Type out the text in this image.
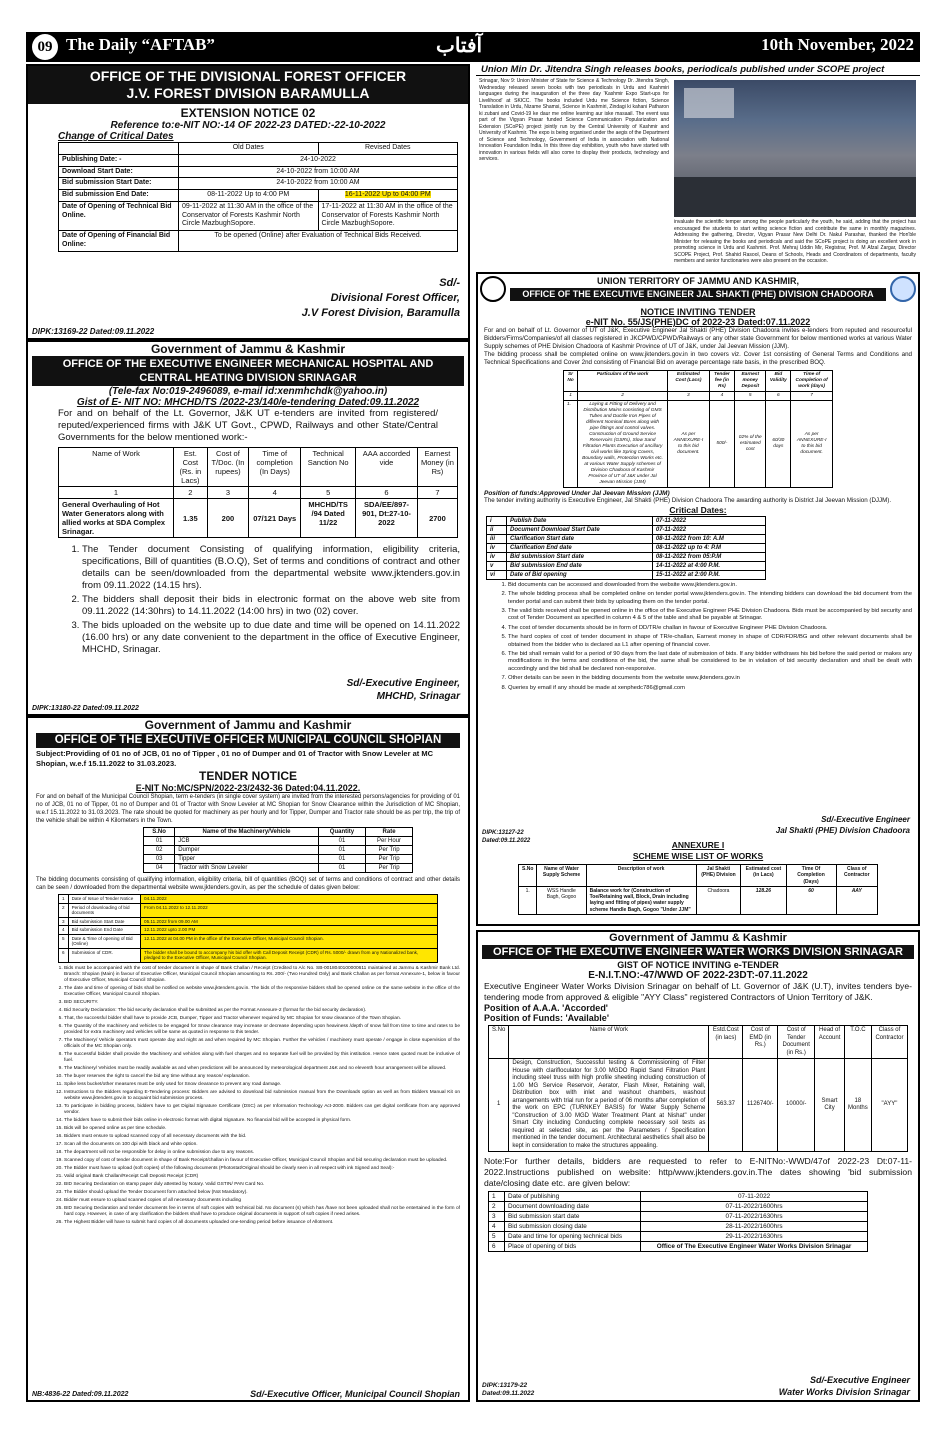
09 The Daily “AFTAB”	آفتاب	10th November, 2022
OFFICE OF THE DIVISIONAL FOREST OFFICER
J.V. FOREST DIVISION BARAMULLA
EXTENSION NOTICE 02
Reference to:e-NIT NO:-14 OF 2022-23 DATED:-22-10-2022
Change of Critical Dates
	Old Dates	Revised Dates
Publishing Date: -	24-10-2022	
Download Start Date:	24-10-2022 from 10:00 AM	
Bid submission Start Date:	24-10-2022 from 10:00 AM	
Bid submission End Date:	08-11-2022 Up to 4:00 PM	16-11-2022 Up to 04:00 PM
Date of Opening of Technical Bid Online.	09-11-2022 at 11:30 AM in the office of the Conservator of Forests Kashmir North Circle MazbughSopore.	17-11-2022 at 11:30 AM in the office of the Conservator of Forests Kashmir North Circle MazbughSopore.
Date of Opening of Financial Bid Online:	To be opened (Online) after Evaluation of Technical Bids Received.	
Sd/-
Divisional Forest Officer,
J.V Forest Division, Baramulla
DIPK:13169-22 Dated:09.11.2022
Union Min Dr. Jitendra Singh releases books, periodicals published under SCOPE project
Srinagar, Nov 9: Union Minister of State for Science & Technology Dr. Jitendra Singh, Wednesday released seven books with two periodicals in Urdu and Kashmiri languages during the inauguration of the three day 'Kashmir Expo Start-ups for Livelihood' at SKICC. The books included Urdu me Science fiction, Science Translation in Urdu, Nizame Shamsi, Science in Kashmiri, Zindagi ki kahani Patharon ki zubani and Covid-19 ke daur me online learning aur iske masaail. The event was part of the Vigyan Prasar funded Science Communication Popularization and Extension (SCoPE) project jointly run by the Central University of Kashmir and University of Kashmir. The expo is being organised under the aegis of the Department of Science and Technology, Government of India in association with National Innovation Foundation India. In this three day exhibition, youth who have started with innovation in various fields will also come to display their products, technology and services.
invaluate the scientific temper among the people particularly the youth, he said, adding that the project has encouraged the students to start writing science fiction and contribute the same in monthly magazines. Addressing the gathering, Director, Vigyan Prasar New Delhi Dr. Nakul Parashar, thanked the Hon'ble Minister for releasing the books and periodicals and said the SCoPE project is doing an excellent work in promoting science in Urdu and Kashmiri. Prof. Mehraj Uddin Mir, Registrar, Prof. M Afzal Zargar, Director SCOPE Project, Prof. Shahid Rasool, Deans of Schools, Heads and Coordinators of departments, faculty members and senior functionaries were also present on the occasion.
Government of Jammu & Kashmir
OFFICE OF THE EXECUTIVE ENGINEER MECHANICAL HOSPITAL AND CENTRAL HEATING DIVISION SRINAGAR
(Tele-fax No:019-2496089, e-mail id:xenmhchdk@yahoo.in)
Gist of E- NIT NO: MHCHD/TS /2022-23/140/e-tendering Dated:09.11.2022
For and on behalf of the Lt. Governor, J&K UT e-tenders are invited from registered/ reputed/experienced firms with J&K UT Govt., CPWD, Railways and other State/Central Governments for the below mentioned work:-
Name of Work	Est. Cost (Rs. in Lacs)	Cost of T/Doc. (In rupees)	Time of completion (In Days)	Technical Sanction No	AAA accorded vide	Earnest Money (in Rs)
1	2	3	4	5	6	7
General Overhauling of Hot Water Generators along with allied works at SDA Complex Srinagar.	1.35	200	07/121 Days	MHCHD/TS /94 Dated 11/22	SDA/EE/897-901, Dt:27-10-2022	2700
1. The Tender document Consisting of qualifying information, eligibility criteria, specifications, Bill of quantities (B.O.Q), Set of terms and conditions of contract and other details can be seen/downloaded from the departmental website www.jktenders.gov.in from 09.11.2022 (14.15 hrs).
2. The bidders shall deposit their bids in electronic format on the above web site from 09.11.2022 (14:30hrs) to 14.11.2022 (14:00 hrs) in two (02) cover.
3. The bids uploaded on the website up to due date and time will be opened on 14.11.2022 (16.00 hrs) or any date convenient to the department in the office of Executive Engineer, MHCHD, Srinagar.
Sd/-Executive Engineer,
MHCHD, Srinagar
DIPK:13180-22 Dated:09.11.2022
Government of Jammu and Kashmir
OFFICE OF THE EXECUTIVE OFFICER MUNICIPAL COUNCIL SHOPIAN
Subject:Providing of 01 no of JCB, 01 no of Tipper , 01 no of Dumper and 01 of Tractor with Snow Leveler at MC Shopian, w.e.f 15.11.2022 to 31.03.2023.
TENDER NOTICE
E-NIT No:MC/SPN/2022-23/2432-36 Dated:04.11.2022.
For and on behalf of the Municipal Council Shopian, term e-tenders (in single cover system) are invited from the interested persons/agencies for providing of 01 no of JCB, 01 no of Tipper, 01 no of Dumper and 01 of Tractor with Snow Leveler at MC Shopian for Snow Clearance within the Jurisdiction of MC Shopian, w.e.f 15.11.2022 to 31.03.2023. The rate should be quoted for machinery as per hourly and for Tipper, Dumper and Tractor rate should be as per trip, the trip of the vehicle shall be within 4 Kilometers in the Town.
S.No	Name of the Machinery/Vehicle	Quantity	Rate
01	JCB	01	Per Hour
02	Dumper	01	Per Trip
03	Tipper	01	Per Trip
04	Tractor with Snow Leveler	01	Per Trip
The bidding documents consisting of qualifying information, eligibility criteria, bill of quantities (BOQ) set of terms and conditions of contract and other details can be seen / downloaded from the departmental website www.jktenders.gov.in, as per the schedule of dates given below:
1	Date of Issue of Tender Notice	04.11.2022
2	Period of downloading of bid documents	From 04.11.2022 to 12.11.2022
3	Bid submission Start Date	05.11.2022 from 09.00 AM
4	Bid submission End Date	12.11.2022 upto 2.00 PM
5	Date & Time of opening of Bid (Online)	12.11.2022 at 04.00 PM in the office of the Executive Officer, Municipal Council Shopian.
6	Submission of CDR.	The bidder shall be bound to accompany his bid offer with Call Deposit Receipt (CDR) of Rs. 5000/- drawn from any Nationalized bank, pledged to the Executive Officer, Municipal Council Shopian.
1. Bids must be accompanied with the cost of tender document in shape of Bank Challan / Receipt (Credited to A/c No. SB-0018040100000611 maintained at Jammu & Kashmir Bank Ltd. Branch: Shopian (Main) in favour of Executive Officer, Municipal Council Shopian amounting to Rs. 200/- (Two Hundred Only) and Bank Challan as per format Annexure-1, below in favour of Executive Officer, Municipal Council Shopian.
2. The date and time of opening of bids shall be notified on website www.jktenders.gov.in. The bids of the responsive bidders shall be opened online on the same website in the office of the Executive Officer, Municipal Council Shopian.
3. BID SECURITY.
4. Bid Security Declaration: The bid security declaration shall be submitted as per the Format Annexure-2 (format for the bid security declaration).
5. That, the successful bidder shall have to provide JCB, Dumper, Tipper and Tractor whenever required by MC Shopian for snow clearance of the Town Shopian.
6. The Quantity of the machinery and vehicles to be engaged for Snow clearance may increase or decrease depending upon heaviness /depth of snow fall from time to time and rates to be provided for extra machinery and vehicles will be same as quoted in response to this tender.
7. The Machinery/ Vehicle operators must operate day and night as and when required by MC Shopian. Further the vehicles / machinery must operate / engage in close supervision of the officials of the MC Shopian only.
8. The successful bidder shall provide the Machinery and vehicles along with fuel charges and no separate fuel will be provided by this institution. Hence rates quoted must be inclusive of fuel.
9. The Machinery/ Vehicles must be readily available as and when predictions will be announced by meteorological department J&K and no eleventh hour arrangement will be allowed.
10. The buyer reserves the right to cancel the bid any time without any reason/ explanation.
11. Spike less bucket/other measures must be only used for Snow clearance to prevent any road damage.
12. Instructions to the Bidders regarding E-Tendering process: Bidders are advised to download bid submission manual from the Downloads option as well as from Bidders Manual Kit on website www.jktenders.gov.in to acquaint bid submission process.
13. To participate in bidding process, bidders have to get Digital Signature Certificate (DSC) as per Information Technology Act-2000. Bidders can get digital certificate from any approved vendor.
14. The bidders have to submit their bids online in electronic format with digital Signature. No financial bid will be accepted in physical form.
15. Bids will be opened online as per time schedule.
16. Bidders must ensure to upload scanned copy of all necessary documents with the bid.
17. Scan all the documents on 100 dpi with black and white option.
18. The department will not be responsible for delay in online submission due to any reasons.
19. Scanned copy of cost of tender document in shape of Bank Receipt/challan in favour of Executive Officer, Municipal Council Shopian and bid securing declaration must be uploaded.
20. The Bidder must have to upload (soft copies) of the following documents (Photostat/Original should be clearly seen in all respect with ink Signed and Seal):-
21. Valid original Bank Challan/Receipt Call Deposit Receipt (CDR)
22. BID Securing Declaration on stamp paper duly attested by Notary. Valid GSTIN/ PAN Card No.
23. The Bidder should upload the Tender Document form attached below (Not Mandatory).
24. Bidder must ensure to upload scanned copies of all necessary documents including
25. BID Securing Declaration and tender documents fee in terms of soft copies with technical bid. No document (s) which has /have not been uploaded shall not be entertained in the form of hard copy. However, in case of any clarification the bidders shall have to produce original documents in support of soft copies if need arises.
26. The Highest Bidder will have to submit hard copies of all documents uploaded one-tending period before issuance of Allotment.
NB:4836-22 Dated:09.11.2022	Sd/-Executive Officer, Municipal Council Shopian
UNION TERRITORY OF JAMMU AND KASHMIR,
OFFICE OF THE EXECUTIVE ENGINEER JAL SHAKTI (PHE) DIVISION CHADOORA
NOTICE INVITING TENDER
e-NIT No. 55/JS(PHE)DC of 2022-23 Dated:07.11.2022
For and on behalf of Lt. Governor of UT of J&K, Executive Engineer Jal Shakti (PHE) Division Chadoora invites e-tenders from reputed and resourceful Bidders/Firms/Companies/of all classes registered in JKCPWD/CPWD/Railways or any other state Government for below mentioned works at various Water Supply schemes of PHE Division Chadoora of Kashmir Province of UT of J&K, under Jal Jeevan Mission (JJM).
The bidding process shall be completed online on www.jktenders.gov.in in two covers viz. Cover 1st consisting of General Terms and Conditions and Technical Specifications and Cover 2nd consisting of Financial Bid on average percentage rate basis, in the prescribed BOQ.
Sr No	Particulars of the work	Estimated Cost (Lacs)	Tender fee (in Rs)	Earnest money Deposit	Bid Validity	Time of Completion of work (days)
1	2	3	4	5	6	7
1.	Laying & Fitting of Delivery and Distribution Mains consisting of GMS Tubes and Ductile Iron Pipes of different Nominal Bores along with pipe fittings and control valves. Construction of Ground Service Reservoirs (GSRs), Slow Sand Filtration Plants Execution of ancillary civil works like Spring Covers, Boundary walls, Protection Works etc. at various Water Supply schemes of Division Chadoora of Kashmir Province of UT of J&K under Jal Jeevan Mission (JJM)	As per ANNEXURE-I to this bid document.	500/-	02% of the estimated cost	60/30 days	As per ANNEXURE-I to this bid document.
Position of funds:Approved Under Jal Jeevan Mission (JJM)
The tender inviting authority is Executive Engineer, Jal Shakti (PHE) Division Chadoora The awarding authority is District Jal Jeevan Mission (DJJM).
Critical Dates:
i	Publish Date	07-11-2022
ii	Document Download Start Date	07-11-2022
iii	Clarification Start date	08-11-2022 from 10: A.M
iv	Clarification End date	08-11-2022 up to 4: P.M
iv	Bid submission Start date	08-11-2022 from 05:P.M
v	Bid submission End date	14-11-2022 at 4:00 P.M.
vi	Date of Bid opening	15-11-2022 at 2:00 P.M.
1. Bid documents can be accessed and downloaded from the website www.jktenders.gov.in.
2. The whole bidding process shall be completed online on tender portal www.jktenders.gov.in. The intending bidders can download the bid document from the tender portal and can submit their bids by uploading them on the tender portal.
3. The valid bids received shall be opened online in the office of the Executive Engineer PHE Division Chadoora. Bids must be accompanied by bid security and cost of Tender Document as specified in column 4 & 5 of the table and shall be payable at Srinagar.
4. The cost of tender documents should be in form of DD/TR/e challan in favour of Executive Engineer PHE Division Chadoora.
5. The hard copies of cost of tender document in shape of TR/e-challan, Earnest money in shape of CDR/FDR/BG and other relevant documents shall be obtained from the bidder who is declared as L1 after opening of financial cover.
6. The bid shall remain valid for a period of 90 days from the last date of submission of bids. If any bidder withdraws his bid before the said period or makes any modifications in the terms and conditions of the bid, the same shall be considered to be in violation of bid security declaration and shall be dealt with accordingly and the bid shall be declared non-responsive.
7. Other details can be seen in the bidding documents from the website www.jktenders.gov.in
8. Queries by email if any should be made at xenphedc786@gmail.com
Sd/-Executive Engineer
Jal Shakti (PHE) Division Chadoora
DIPK:13127-22
Dated:09.11.2022	ANNEXURE I
SCHEME WISE LIST OF WORKS
S.No	Name of Water Supply Scheme	Description of work	Jal Shakti (PHE) Division	Estimated cost (in Lacs)	Time Of Completion (Days)	Class of Contractor
1.	WSS Handle Bagh, Gogoo	Balance work for (Construction of Toe/Retaining wall, Block, Drain including laying and fitting of pipes) water supply scheme Handle Bagh, Gogoo "Under JJM"	Chadoora	128.26	60	AAY
Government of Jammu & Kashmir
OFFICE OF THE EXECUTIVE ENGINEER WATER WORKS DIVISION SRINAGAR
GIST OF NOTICE INVITING e-TENDER
E-N.I.T.NO:-47/WWD OF 2022-23DT:-07.11.2022
Executive Engineer Water Works Division Srinagar on behalf of Lt. Governor of J&K (U.T), invites tenders bye-tendering mode from approved & eligible "AYY Class" registered Contractors of Union Territory of J&K.
Position of A.A.A. 'Accorded'
Position of Funds: 'Available'
S.No	Name of Work	Estd.Cost (in lacs)	Cost of EMD (in Rs.)	Cost of Tender Document (in Rs.)	Head of Account	T.O.C	Class of Contractor
1	Design, Construction, Successful testing & Commissioning of Filter House with clarifloculator for 3.00 MGDO Rapid Sand Filtration Plant including steel truss with high profile sheeting including construction of 1.00 MG Service Reservoir, Aerator, Flash Mixer, Retaining wall, Distribution box with inlet and washout chambers, washout arrangements with trial run for a period of 06 months after completion of the work on EPC (TURNKEY BASIS) for Water Supply Scheme "Construction of 3.00 MGD Water Treatment Plant at Nishat" under Smart City including Conducting complete necessary soil tests as required at selected site, as per the Parameters / Specification mentioned in the tender document. Architectural aesthetics shall also be kept in consideration to make the structures appealing.	563.37	1126740/-	10000/-	Smart City	18 Months	"AYY"
Note:For further details, bidders are requested to refer to E-NITNo:-WWD/47of 2022-23 Dt:07-11-2022.Instructions published on website: http/www.jktenders.gov.in.The dates showing 'bid submission date/closing date etc. are given below:
1	Date of publishing	07-11-2022
2	Document downloading date	07-11-2022/1600hrs
3	Bid submission start date	07-11-2022/1630hrs
4	Bid submission closing date	28-11-2022/1600hrs
5	Date and time for opening technical bids	29-11-2022/1630hrs
6	Place of opening of bids	Office of The Executive Engineer Water Works Division Srinagar
DIPK:13179-22
Dated:09.11.2022
Sd/-Executive Engineer
Water Works Division Srinagar
